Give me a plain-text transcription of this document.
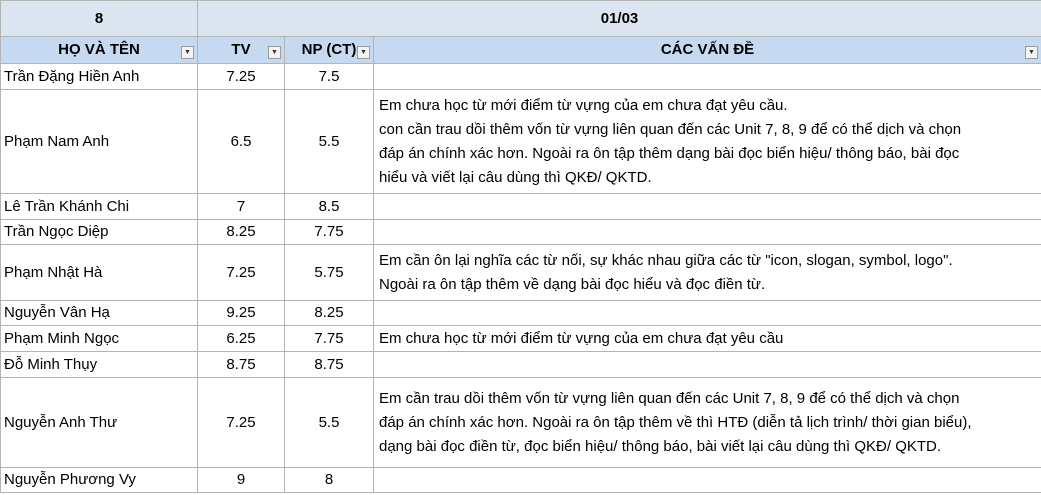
8	01/03		
HỌ VÀ TÊN ▼	TV ▼	NP (CT) ▼	CÁC VẤN ĐỀ ▼

Trần Đặng Hiền Anh	7.25	7.5	
Phạm Nam Anh	6.5	5.5	Em chưa học từ mới điểm từ vựng của em chưa đạt yêu cầu.
con cần trau dồi thêm vốn từ vựng liên quan đến các Unit 7, 8, 9 để có thể dịch và chọn
đáp án chính xác hơn. Ngoài ra ôn tập thêm dạng bài đọc biển hiệu/ thông báo, bài đọc
hiểu và viết lại câu dùng thì QKĐ/ QKTD.

Lê Trần Khánh Chi	7	8.5	
Trần Ngọc Diệp	8.25	7.75	
Phạm Nhật Hà	7.25	5.75	Em cần ôn lại nghĩa các từ nối, sự khác nhau giữa các từ "icon, slogan, symbol, logo".
Ngoài ra ôn tập thêm về dạng bài đọc hiểu và đọc điền từ.

Nguyễn Vân Hạ	9.25	8.25	
Phạm Minh Ngọc	6.25	7.75	Em chưa học từ mới điểm từ vựng của em chưa đạt yêu cầu

Đỗ Minh Thụy	8.75	8.75	
Nguyễn Anh Thư	7.25	5.5	Em cần trau dồi thêm vốn từ vựng liên quan đến các Unit 7, 8, 9 để có thể dịch và chọn
đáp án chính xác hơn. Ngoài ra ôn tập thêm về thì HTĐ (diễn tả lịch trình/ thời gian biểu),
dạng bài đọc điền từ, đọc biển hiệu/ thông báo, bài viết lại câu dùng thì QKĐ/ QKTD.

Nguyễn Phương Vy	9	8	
